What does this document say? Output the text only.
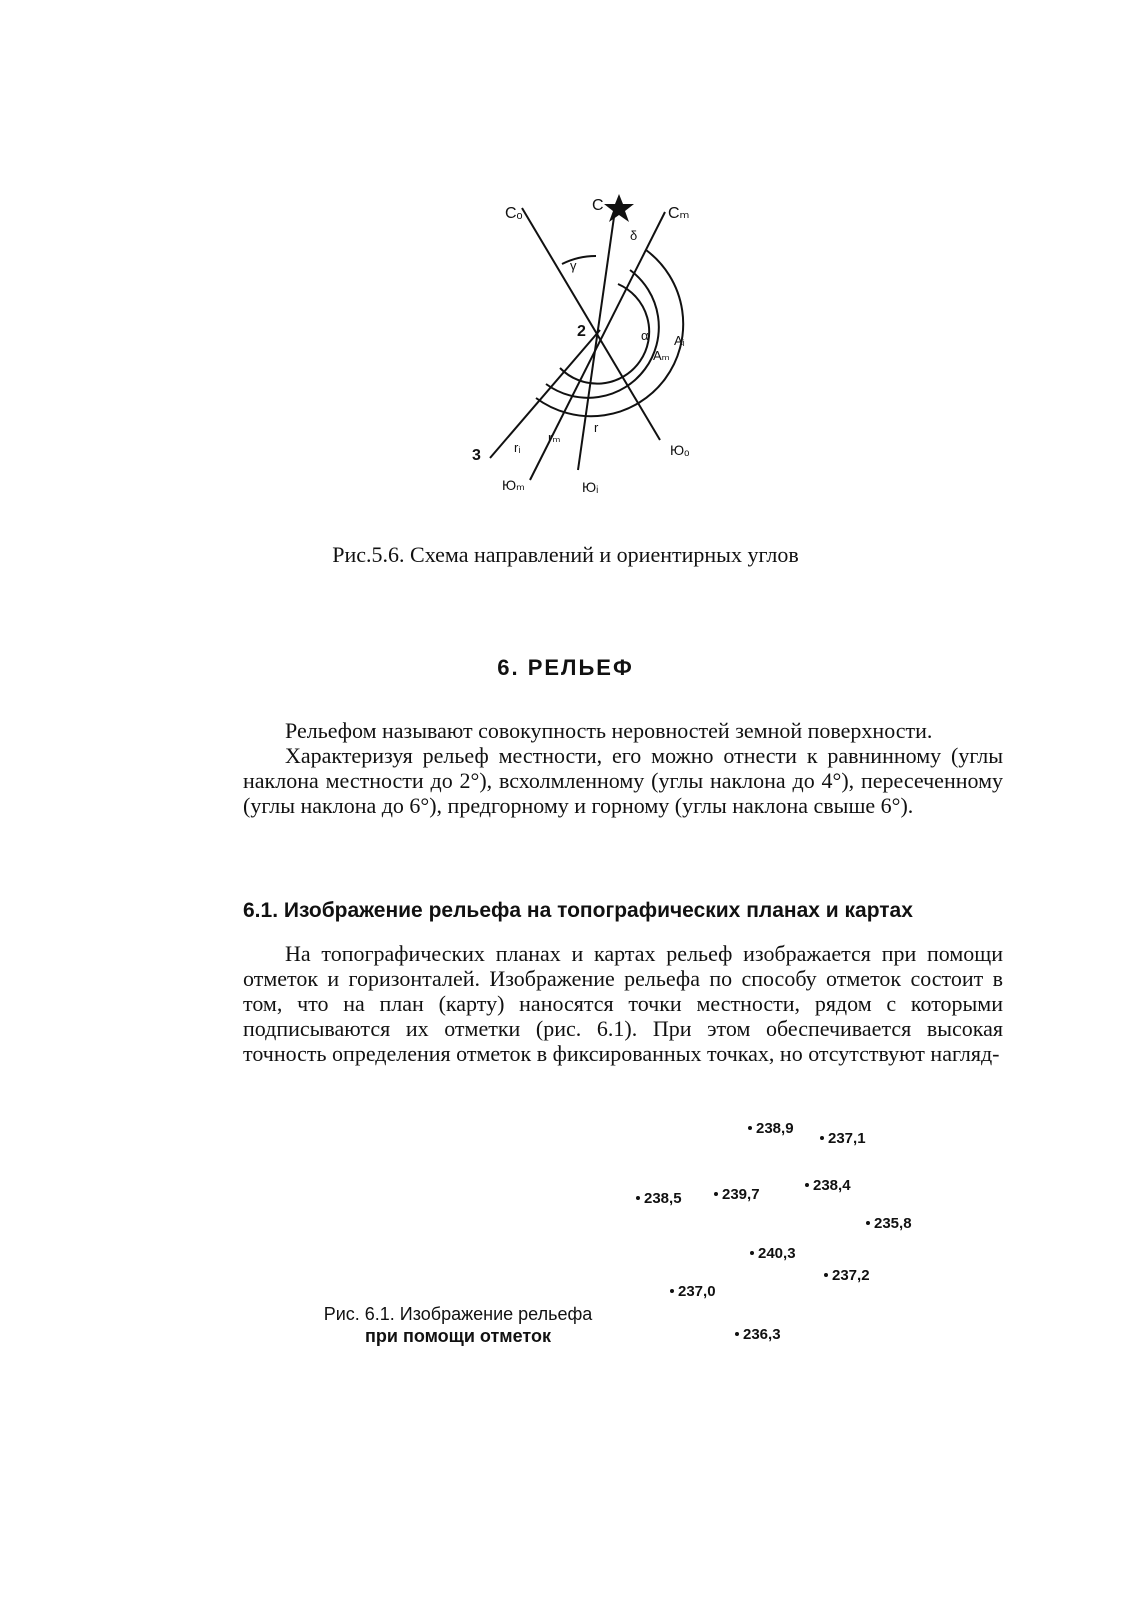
Сₒ	С	Сₘ
δ
γ
2
3
α Aᵢ
Aₘ
r
rₘ
rᵢ	Юₒ
Юᵢ
Юₘ
Рис.5.6. Схема направлений и ориентирных углов
6. РЕЛЬЕФ

Рельефом называют совокупность неровностей земной поверхности.

Характеризуя рельеф местности, его можно отнести к равнинному (углы наклона местности до 2°), всхолмленному (углы наклона до 4°), пересеченному (углы наклона до 6°), предгорному и горному (углы наклона свыше 6°).

6.1. Изображение рельефа на топографических планах и картах

На топографических планах и картах рельеф изображается при помощи отметок и горизонталей. Изображение рельефа по способу отметок состоит в том, что на план (карту) наносятся точки местности, рядом с которыми подписываются их отметки (рис. 6.1). При этом обеспечивается высокая точность определения отметок в фиксированных точках, но отсутствуют нагляд-

238,9
237,1
238,5	239,7
238,4
235,8
240,3
237,2
237,0
236,3
Рис. 6.1. Изображение рельефа
при помощи отметок
